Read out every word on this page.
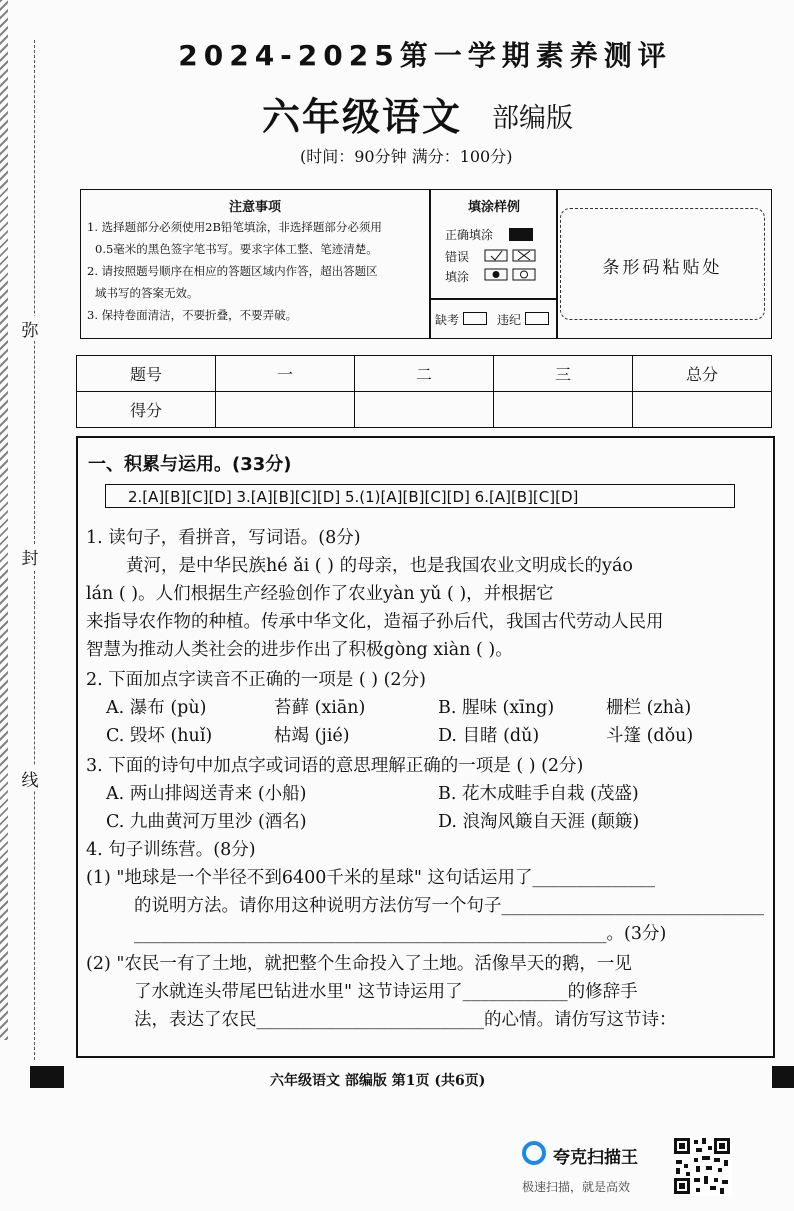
弥
封
线
2024-2025第一学期素养测评
六年级语文 部编版
(时间：90分钟 满分：100分)
注意事项
1. 选择题部分必须使用2B铅笔填涂，非选择题部分必须用
0.5毫米的黑色签字笔书写。要求字体工整、笔迹清楚。
2. 请按照题号顺序在相应的答题区域内作答，超出答题区
域书写的答案无效。
3. 保持卷面清洁，不要折叠，不要弄破。
填涂样例
正确填涂
错误
填涂
缺考	违纪
条形码粘贴处
题号	一	二	三	总分
得分				
一、积累与运用。(33分)
2.[A][B][C][D] 3.[A][B][C][D] 5.(1)[A][B][C][D] 6.[A][B][C][D]
1. 读句子，看拼音，写词语。(8分)
黄河，是中华民族hé ǎi ( ) 的母亲，也是我国农业文明成长的yáo
lán ( )。人们根据生产经验创作了农业yàn yǔ ( )，并根据它
来指导农作物的种植。传承中华文化，造福子孙后代，我国古代劳动人民用
智慧为推动人类社会的进步作出了积极gòng xiàn ( )。
2. 下面加点字读音不正确的一项是 ( ) (2分)
A. 瀑布 (pù)	苔藓 (xiān)	B. 腥味 (xīng)	栅栏 (zhà)
C. 毁坏 (huǐ)	枯竭 (jié)	D. 目睹 (dǔ)	斗篷 (dǒu)
3. 下面的诗句中加点字或词语的意思理解正确的一项是 ( ) (2分)
A. 两山排闼送青来 (小船)	B. 花木成畦手自栽 (茂盛)
C. 九曲黄河万里沙 (酒名)	D. 浪淘风簸自天涯 (颠簸)
4. 句子训练营。(8分)
(1) "地球是一个半径不到6400千米的星球" 这句话运用了______________
的说明方法。请你用这种说明方法仿写一个句子______________________________
______________________________________________________。(3分)
(2) "农民一有了土地，就把整个生命投入了土地。活像旱天的鹅，一见
了水就连头带尾巴钻进水里" 这节诗运用了____________的修辞手
法，表达了农民__________________________的心情。请仿写这节诗：
六年级语文 部编版 第1页 (共6页)
夸克扫描王
极速扫描，就是高效
